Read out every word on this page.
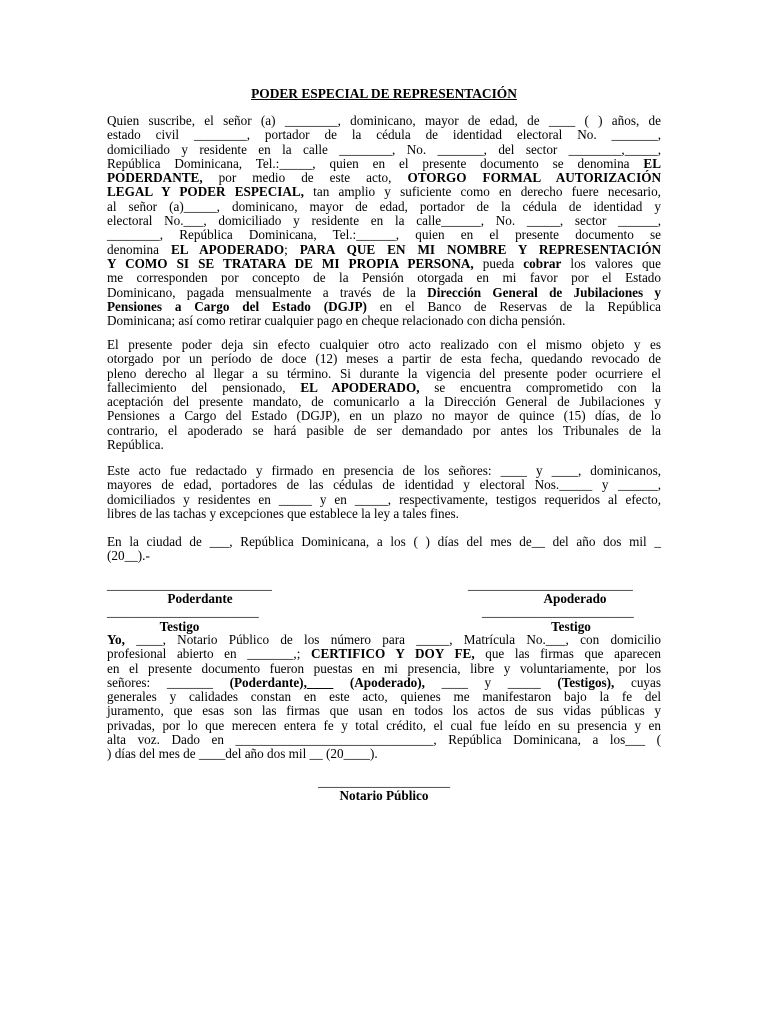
PODER ESPECIAL DE REPRESENTACIÓN
Quien suscribe, el señor (a) ________, dominicano, mayor de edad, de ____ ( ) años, de
estado civil ________, portador de la cédula de identidad electoral No. _______,
domiciliado y residente en la calle ________, No. _______, del sector ________,_____,
República Dominicana, Tel.:_____, quien en el presente documento se denomina EL
PODERDANTE, por medio de este acto, OTORGO FORMAL AUTORIZACIÓN
LEGAL Y PODER ESPECIAL, tan amplio y suficiente como en derecho fuere necesario,
al señor (a)_____, dominicano, mayor de edad, portador de la cédula de identidad y
electoral No.___, domiciliado y residente en la calle______, No. _____, sector ______,
________, República Dominicana, Tel.:______, quien en el presente documento se
denomina EL APODERADO; PARA QUE EN MI NOMBRE Y REPRESENTACIÓN
Y COMO SI SE TRATARA DE MI PROPIA PERSONA, pueda cobrar los valores que
me corresponden por concepto de la Pensión otorgada en mi favor por el Estado
Dominicano, pagada mensualmente a través de la Dirección General de Jubilaciones y
Pensiones a Cargo del Estado (DGJP) en el Banco de Reservas de la República
Dominicana; así como retirar cualquier pago en cheque relacionado con dicha pensión.
El presente poder deja sin efecto cualquier otro acto realizado con el mismo objeto y es
otorgado por un período de doce (12) meses a partir de esta fecha, quedando revocado de
pleno derecho al llegar a su término. Si durante la vigencia del presente poder ocurriere el
fallecimiento del pensionado, EL APODERADO, se encuentra comprometido con la
aceptación del presente mandato, de comunicarlo a la Dirección General de Jubilaciones y
Pensiones a Cargo del Estado (DGJP), en un plazo no mayor de quince (15) días, de lo
contrario, el apoderado se hará pasible de ser demandado por antes los Tribunales de la
República.
Este acto fue redactado y firmado en presencia de los señores: ____ y ____, dominicanos,
mayores de edad, portadores de las cédulas de identidad y electoral Nos._____ y ______,
domiciliados y residentes en _____ y en _____, respectivamente, testigos requeridos al efecto,
libres de las tachas y excepciones que establece la ley a tales fines.
En la ciudad de ___, República Dominicana, a los ( ) días del mes de__ del año dos mil _
(20__).-
_________________________	_________________________
Poderdante	Apoderado
_______________________	_______________________
Testigo	Testigo
Yo, ____, Notario Público de los número para _____, Matrícula No.___, con domicilio
profesional abierto en _______,; CERTIFICO Y DOY FE, que las firmas que aparecen
en el presente documento fueron puestas en mi presencia, libre y voluntariamente, por los
señores: _______ (Poderdante),____ (Apoderado), ____ y _____ (Testigos), cuyas
generales y calidades constan en este acto, quienes me manifestaron bajo la fe del
juramento, que esas son las firmas que usan en todos los actos de sus vidas públicas y
privadas, por lo que merecen entera fe y total crédito, el cual fue leído en su presencia y en
alta voz. Dado en ______________________________, República Dominicana, a los___ (
) días del mes de ____del año dos mil __ (20____).
____________________
Notario Público
